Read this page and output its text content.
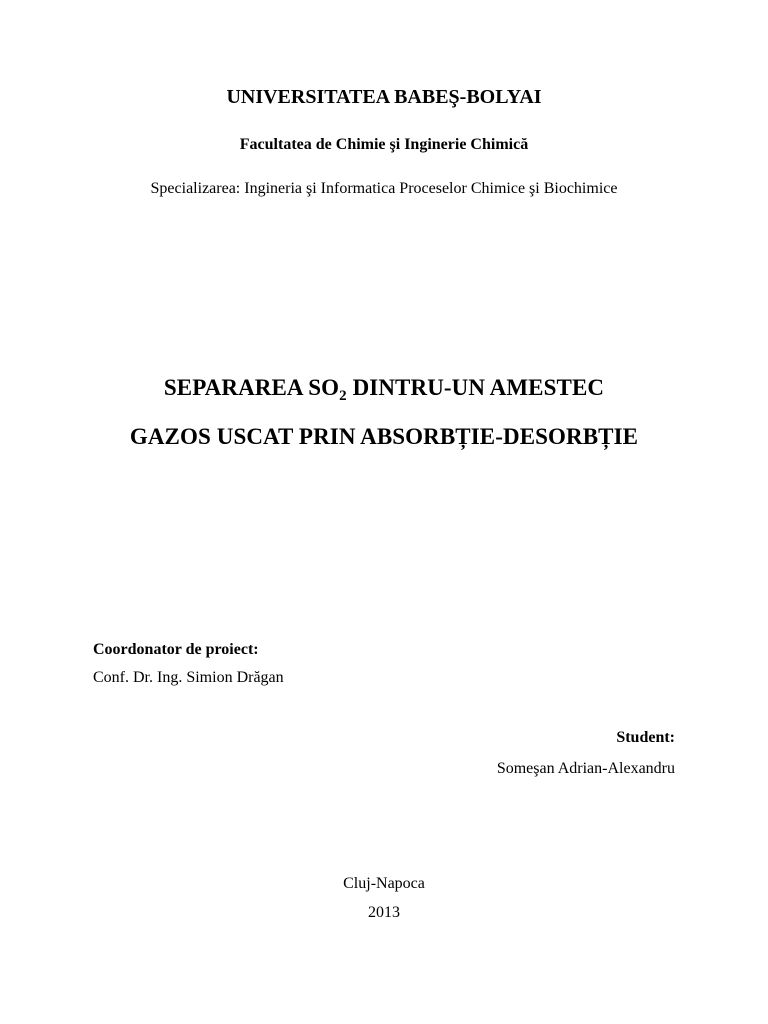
UNIVERSITATEA BABEŞ-BOLYAI
Facultatea de Chimie şi Inginerie Chimică
Specializarea: Ingineria şi Informatica Proceselor Chimice şi Biochimice
SEPARAREA $SO_2$ DINTRU-UN AMESTEC
GAZOS USCAT PRIN ABSORBȚIE-DESORBȚIE
Coordonator de proiect:
Conf. Dr. Ing. Simion Drăgan
Student:
Someşan Adrian-Alexandru
Cluj-Napoca
2013
